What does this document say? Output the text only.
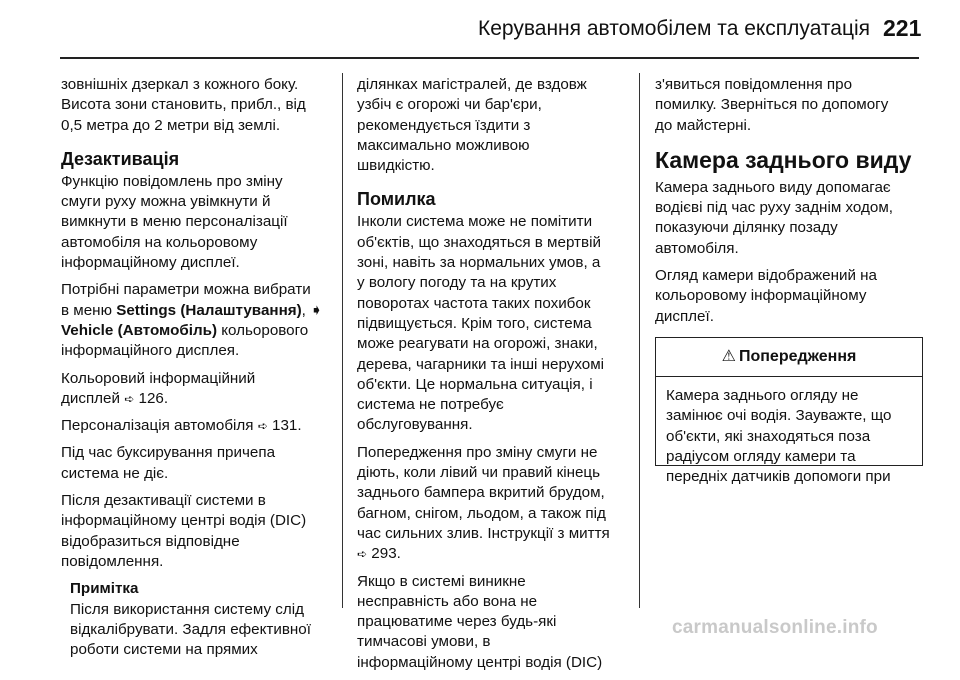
Керування автомобілем та експлуатація 221

зовнішніх дзеркал з кожного боку.
Висота зони становить, прибл., від
0,5 метра до 2 метри від землі.

Дезактивація

Функцію повідомлень про зміну
смуги руху можна увімкнути й
вимкнути в меню персоналізації
автомобіля на кольоровому
інформаційному дисплеї.

Потрібні параметри можна вибрати
в меню Settings (Налаштування), ➧
Vehicle (Автомобіль) кольорового
інформаційного дисплея.

Кольоровий інформаційний
дисплей ➪ 126.

Персоналізація автомобіля ➪ 131.

Під час буксирування причепа
система не діє.

Після дезактивації системи в
інформаційному центрі водія (DIC)
відобразиться відповідне
повідомлення.

Примітка
Після використання систему слід
відкалібрувати. Задля ефективної
роботи системи на прямих

ділянках магістралей, де вздовж
узбіч є огорожі чи бар'єри,
рекомендується їздити з
максимально можливою
швидкістю.

Помилка

Інколи система може не помітити
об'єктів, що знаходяться в мертвій
зоні, навіть за нормальних умов, а
у вологу погоду та на крутих
поворотах частота таких похибок
підвищується. Крім того, система
може реагувати на огорожі, знаки,
дерева, чагарники та інші нерухомі
об'єкти. Це нормальна ситуація, і
система не потребує
обслуговування.

Попередження про зміну смуги не
діють, коли лівий чи правий кінець
заднього бампера вкритий брудом,
багном, снігом, льодом, а також під
час сильних злив. Інструкції з миття
➪ 293.

Якщо в системі виникне
несправність або вона не
працюватиме через будь-які
тимчасові умови, в
інформаційному центрі водія (DIC)

з'явиться повідомлення про
помилку. Зверніться по допомогу
до майстерні.

Камера заднього виду

Камера заднього виду допомагає
водієві під час руху заднім ходом,
показуючи ділянку позаду
автомобіля.

Огляд камери відображений на
кольоровому інформаційному
дисплеї.

⚠ Попередження
Камера заднього огляду не
замінює очі водія. Зауважте, що
об'єкти, які знаходяться поза
радіусом огляду камери та
передніх датчиків допомоги при
carmanualsonline.info
